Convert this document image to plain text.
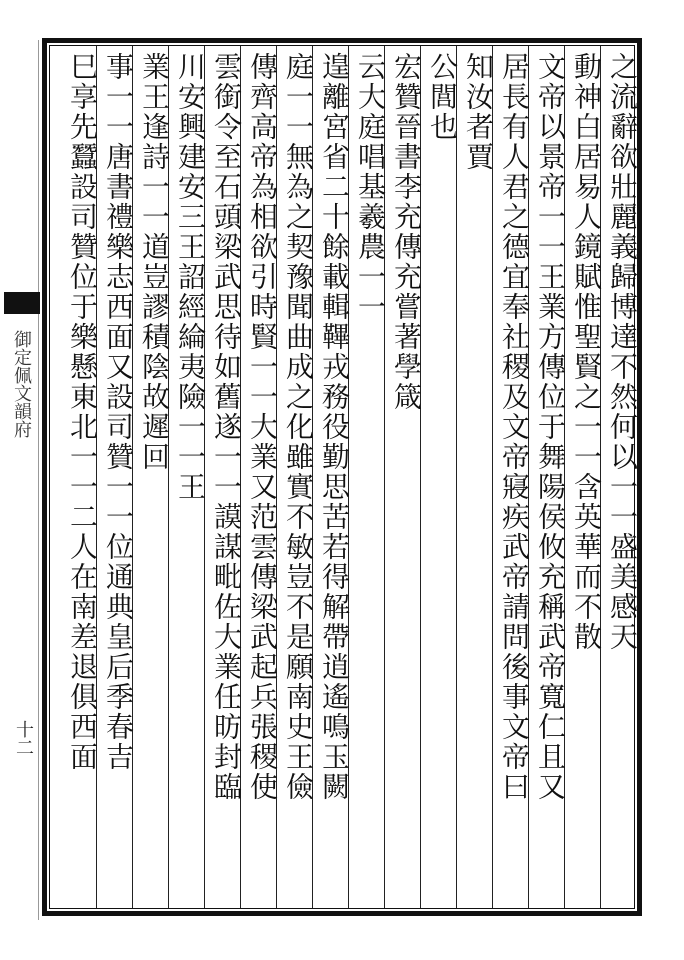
御定佩文韻府
十二
之流辭欲壯麗義歸博達不然何以一一盛美感天
動神白居易人鏡賦惟聖賢之一一含英華而不散
文帝以景帝一一王業方傳位于舞陽侯攸充稱武帝寬仁且又
居長有人君之德宜奉社稷及文帝寢疾武帝請問後事文帝曰
知汝者賈
公閭也
宏贊晉書李充傳充嘗著學箴
云大庭唱基羲農一一
遑離宮省二十餘載輯鞸戎務役勤思苦若得解帶逍遙鳴玉闕
庭一一無為之契豫聞曲成之化雖實不敏豈不是願南史王儉
傳齊高帝為相欲引時賢一一大業又范雲傳梁武起兵張稷使
雲銜令至石頭梁武思待如舊遂一一謨謀毗佐大業任昉封臨
川安興建安三王詔經綸夷險一一王
業王逢詩一一道豈謬積陰故遲回
事一一唐書禮樂志西面又設司贊一一位通典皇后季春吉
巳享先蠶設司贊位于樂懸東北一一二人在南差退俱西面
